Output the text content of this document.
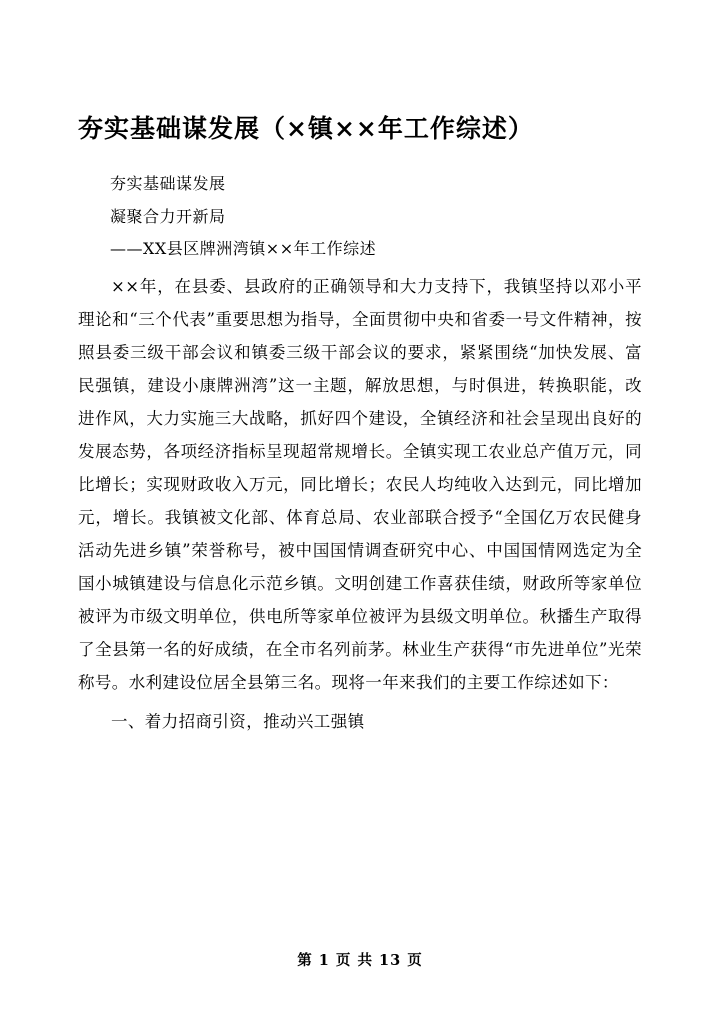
夯实基础谋发展（×镇××年工作综述）

夯实基础谋发展

凝聚合力开新局

——XX县区牌洲湾镇××年工作综述

××年，在县委、县政府的正确领导和大力支持下，我镇坚持以邓小平理论和“三个代表”重要思想为指导，全面贯彻中央和省委一号文件精神，按照县委三级干部会议和镇委三级干部会议的要求，紧紧围绕“加快发展、富民强镇，建设小康牌洲湾”这一主题，解放思想，与时俱进，转换职能，改进作风，大力实施三大战略，抓好四个建设，全镇经济和社会呈现出良好的发展态势，各项经济指标呈现超常规增长。全镇实现工农业总产值万元，同比增长；实现财政收入万元，同比增长；农民人均纯收入达到元，同比增加元，增长。我镇被文化部、体育总局、农业部联合授予“全国亿万农民健身活动先进乡镇”荣誉称号，被中国国情调查研究中心、中国国情网选定为全国小城镇建设与信息化示范乡镇。文明创建工作喜获佳绩，财政所等家单位被评为市级文明单位，供电所等家单位被评为县级文明单位。秋播生产取得了全县第一名的好成绩，在全市名列前茅。林业生产获得“市先进单位”光荣称号。水利建设位居全县第三名。现将一年来我们的主要工作综述如下：

一、着力招商引资，推动兴工强镇

第 1 页 共 13 页
